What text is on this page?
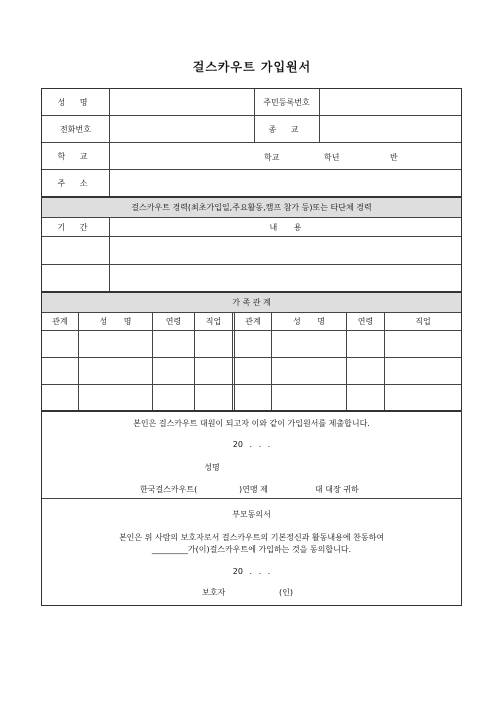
걸스카우트 가입원서
성 명	주민등록번호
전화번호	종 교
학 교	학교	학년	반
주 소
걸스카우트 경력(최초가입일,주요활동,캠프 참가 등)또는 타단체 경력
기 간	내 용
가 족 관 계
관계	성 명	연령	직업	관계	성 명	연령	직업
본인은 걸스카우트 대원이 되고자 이와 같이 가입원서를 제출합니다.
20 . . .
성명
한국걸스카우트(	)연맹 제	대 대장 귀하
부모동의서
본인은 위 사람의 보호자로서 걸스카우트의 기본정신과 활동내용에 찬동하여
_________가(이)걸스카우트에 가입하는 것을 동의합니다.
20 . . .
보호자	(인)
